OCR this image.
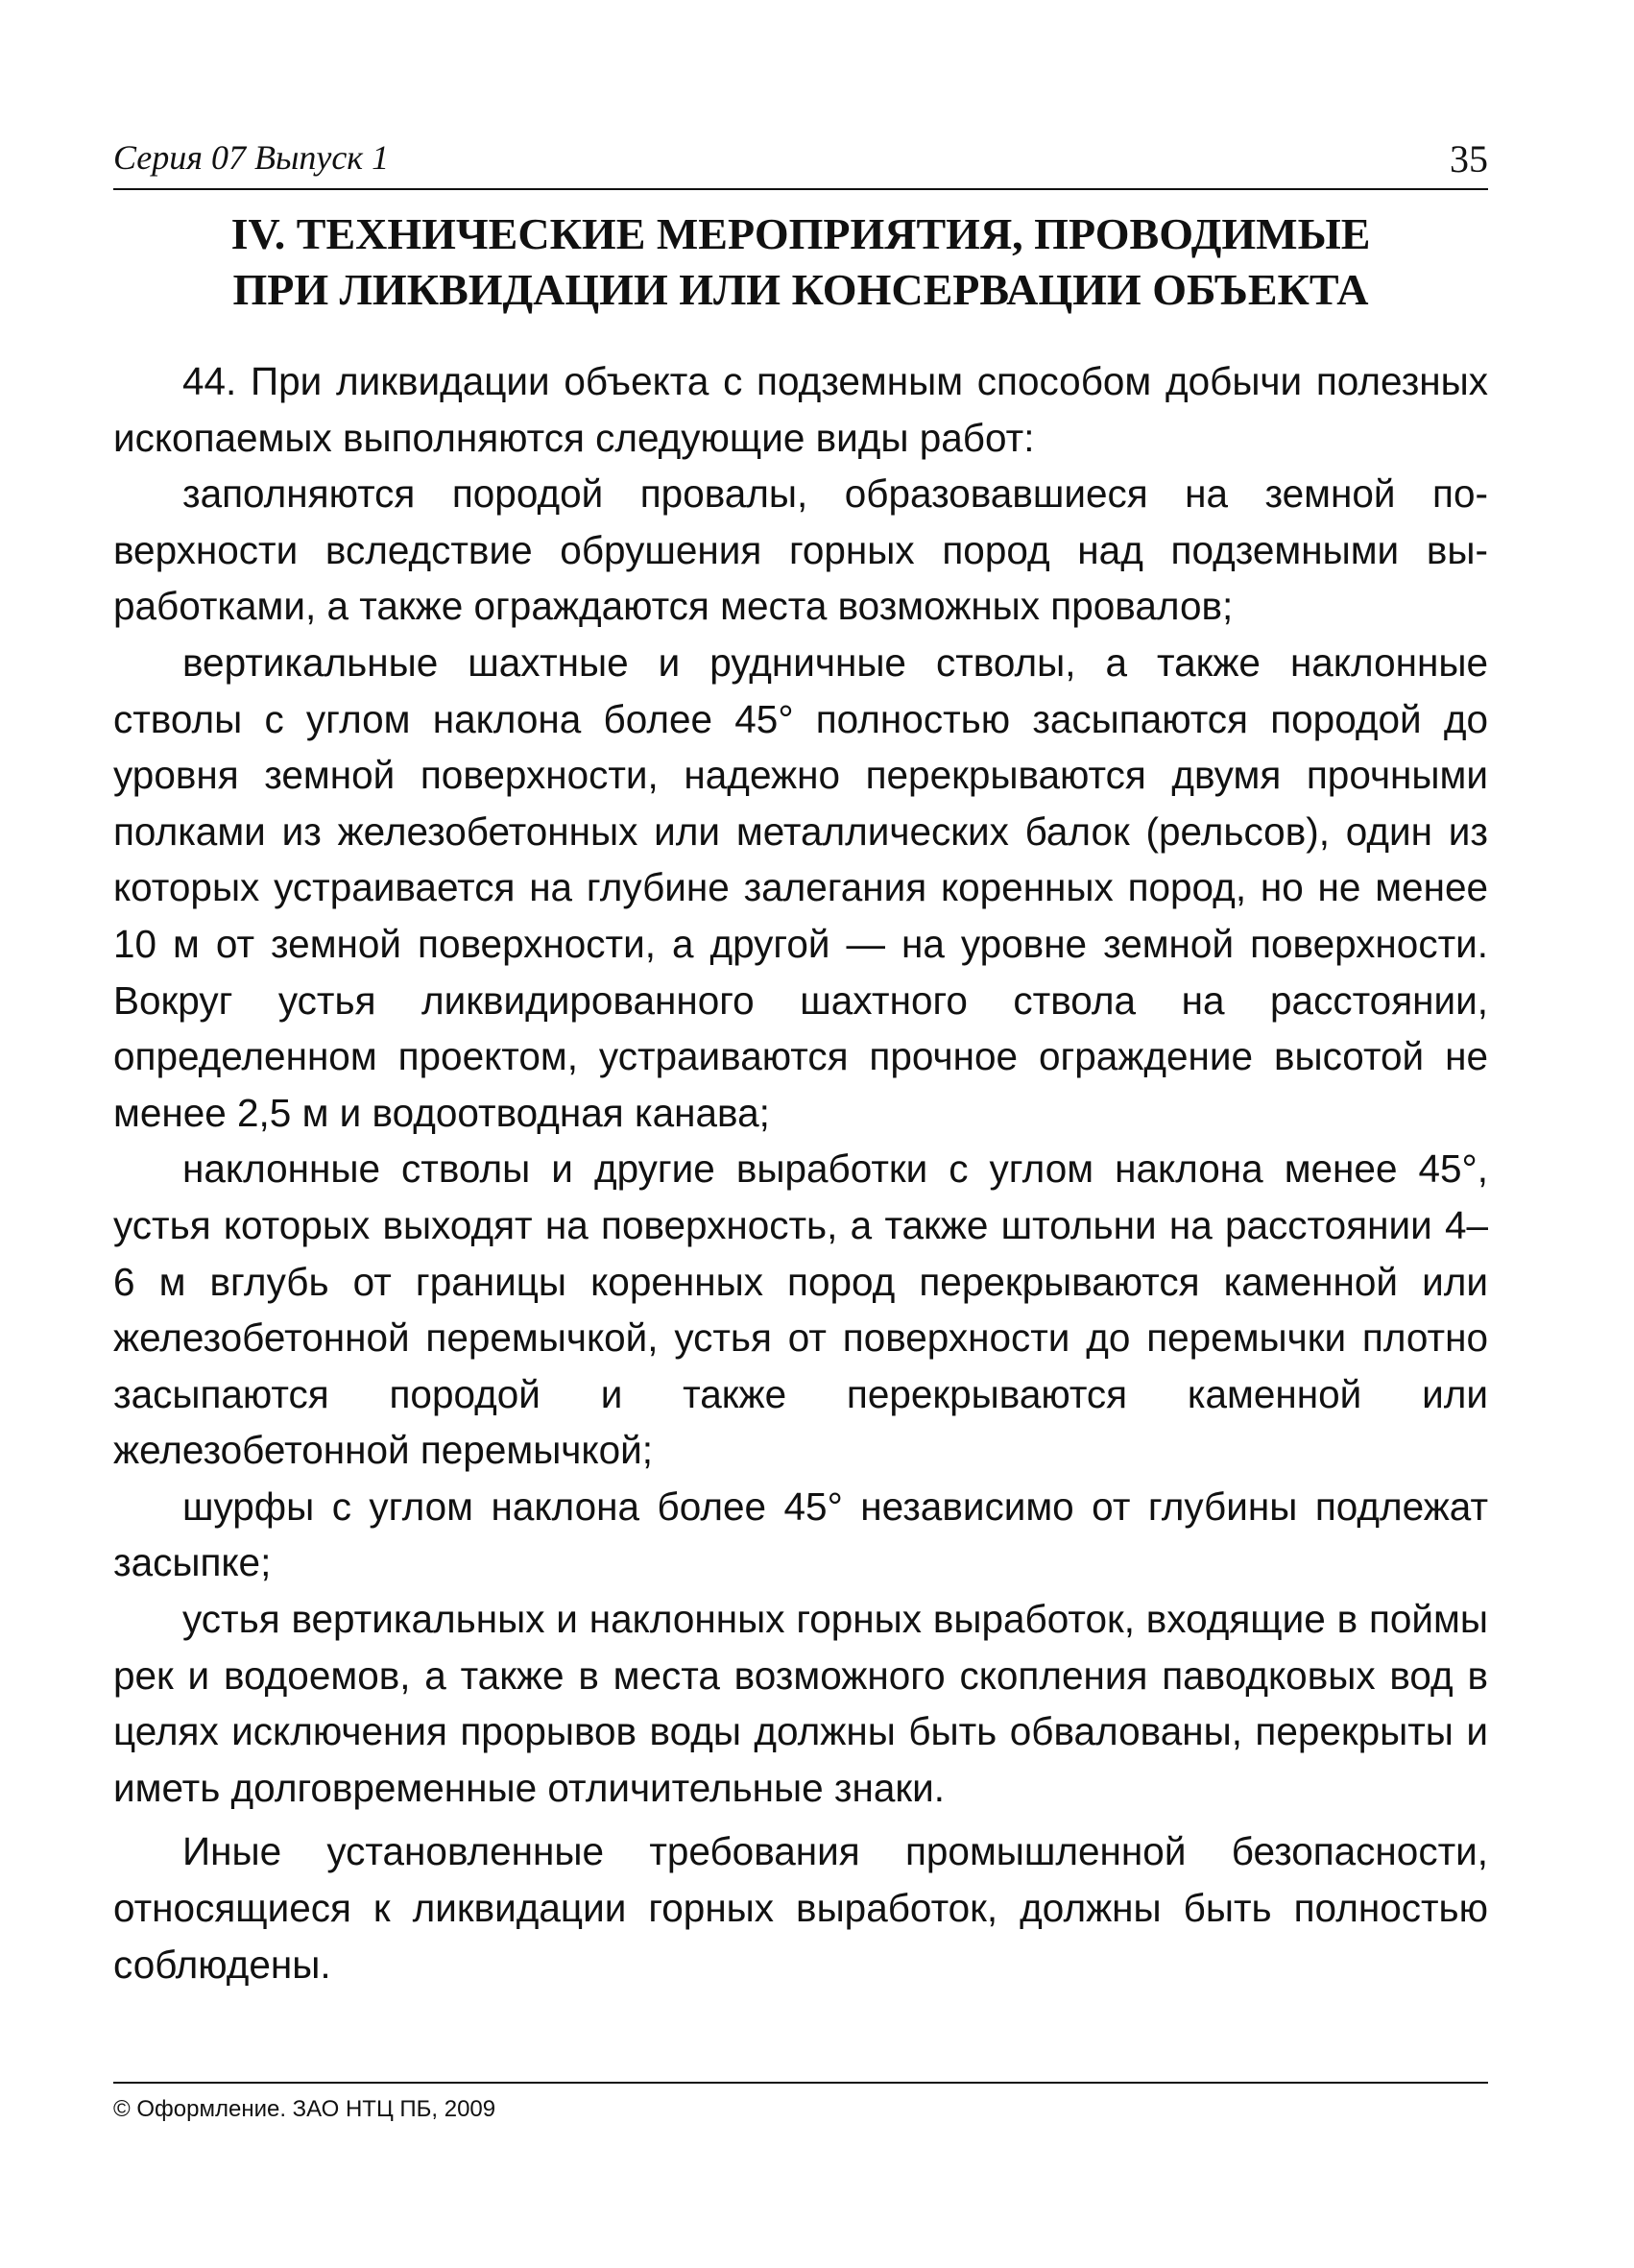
Серия 07 Выпуск 1	35
IV. ТЕХНИЧЕСКИЕ МЕРОПРИЯТИЯ, ПРОВОДИМЫЕ
ПРИ ЛИКВИДАЦИИ ИЛИ КОНСЕРВАЦИИ ОБЪЕКТА

44. При ликвидации объекта с подземным способом добычи полезных ископаемых выполняются следующие виды работ:

заполняются породой провалы, образовавшиеся на земной поверхности вследствие обрушения горных пород над подземными выработками, а также ограждаются места возможных провалов;

вертикальные шахтные и рудничные стволы, а также наклонные стволы с углом наклона более 45° полностью засыпаются породой до уровня земной поверхности, надежно перекрываются двумя прочными полками из железобетонных или металлических балок (рельсов), один из которых устраивается на глубине залегания коренных пород, но не менее 10 м от земной поверхности, а другой — на уровне земной поверхности. Вокруг устья ликвидированного шахтного ствола на расстоянии, определенном проектом, устраиваются прочное ограждение высотой не менее 2,5 м и водоотводная канава;

наклонные стволы и другие выработки с углом наклона менее 45°, устья которых выходят на поверхность, а также штольни на расстоянии 4–6 м вглубь от границы коренных пород перекрываются каменной или железобетонной перемычкой, устья от поверхности до перемычки плотно засыпаются породой и также перекрываются каменной или железобетонной перемычкой;

шурфы с углом наклона более 45° независимо от глубины подлежат засыпке;

устья вертикальных и наклонных горных выработок, входящие в поймы рек и водоемов, а также в места возможного скопления паводковых вод в целях исключения прорывов воды должны быть обвалованы, перекрыты и иметь долговременные отличительные знаки.

Иные установленные требования промышленной безопасности, относящиеся к ликвидации горных выработок, должны быть полностью соблюдены.

© Оформление. ЗАО НТЦ ПБ, 2009
